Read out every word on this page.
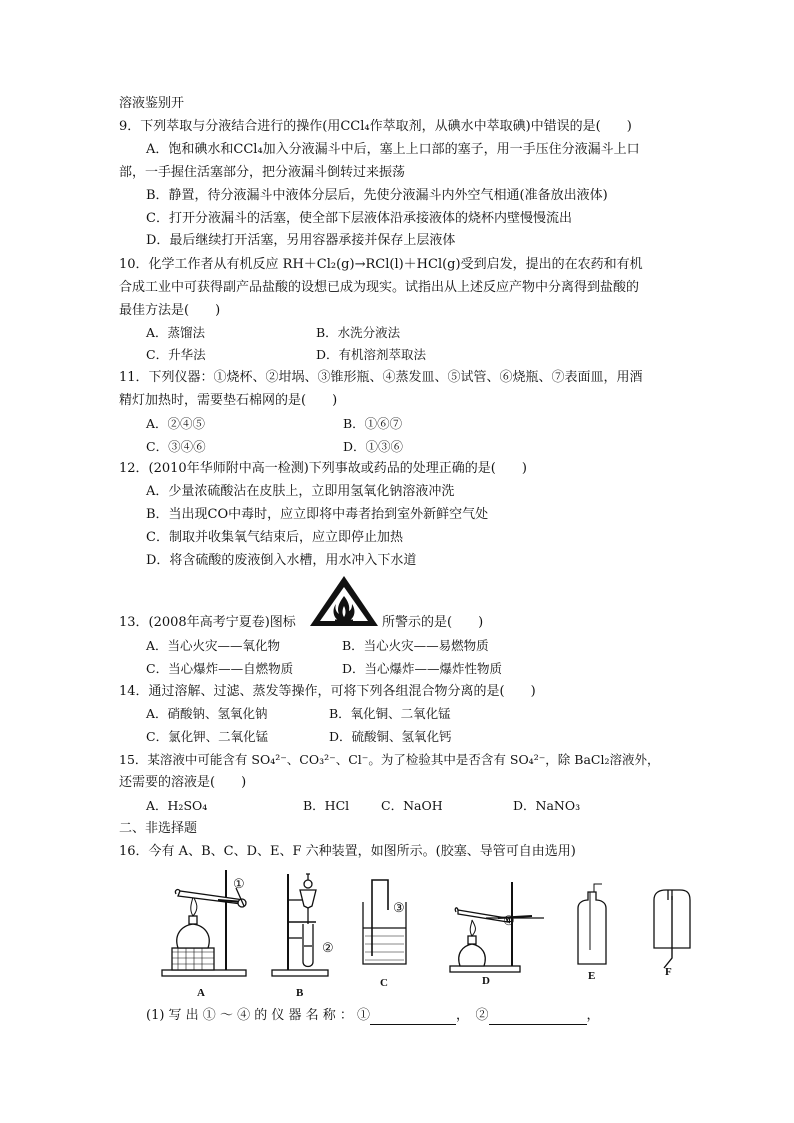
溶液鉴别开
9．下列萃取与分液结合进行的操作(用CCl₄作萃取剂，从碘水中萃取碘)中错误的是(　　)
A．饱和碘水和CCl₄加入分液漏斗中后，塞上上口部的塞子，用一手压住分液漏斗上口
部，一手握住活塞部分，把分液漏斗倒转过来振荡
B．静置，待分液漏斗中液体分层后，先使分液漏斗内外空气相通(准备放出液体)
C．打开分液漏斗的活塞，使全部下层液体沿承接液体的烧杯内壁慢慢流出
D．最后继续打开活塞，另用容器承接并保存上层液体
10．化学工作者从有机反应 RH＋Cl₂(g)→RCl(l)＋HCl(g)受到启发，提出的在农药和有机
合成工业中可获得副产品盐酸的设想已成为现实。试指出从上述反应产物中分离得到盐酸的
最佳方法是(　　)
A．蒸馏法	B．水洗分液法
C．升华法	D．有机溶剂萃取法
11．下列仪器：①烧杯、②坩埚、③锥形瓶、④蒸发皿、⑤试管、⑥烧瓶、⑦表面皿，用酒
精灯加热时，需要垫石棉网的是(　　)
A．②④⑤	B．①⑥⑦
C．③④⑥	D．①③⑥
12．(2010年华师附中高一检测)下列事故或药品的处理正确的是(　　)
A．少量浓硫酸沾在皮肤上，立即用氢氧化钠溶液冲洗
B．当出现CO中毒时，应立即将中毒者抬到室外新鲜空气处
C．制取并收集氧气结束后，应立即停止加热
D．将含硫酸的废液倒入水槽，用水冲入下水道
13．(2008年高考宁夏卷)图标	所警示的是(　　)
A．当心火灾——氧化物	B．当心火灾——易燃物质
C．当心爆炸——自燃物质	D．当心爆炸——爆炸性物质
14．通过溶解、过滤、蒸发等操作，可将下列各组混合物分离的是(　　)
A．硝酸钠、氢氧化钠	B．氧化铜、二氧化锰
C．氯化钾、二氧化锰	D．硫酸铜、氢氧化钙
15．某溶液中可能含有 SO₄²⁻、CO₃²⁻、Cl⁻。为了检验其中是否含有 SO₄²⁻，除 BaCl₂溶液外，
还需要的溶液是(　　)
A．H₂SO₄	B．HCl	C．NaOH	D．NaNO₃
二、非选择题
16．今有 A、B、C、D、E、F 六种装置，如图所示。(胶塞、导管可自由选用)
A	B
C	D	E	F
①
②
③
④
(1) 写 出 ① ～ ④ 的 仪 器 名 称 ： ①	，　②	，
